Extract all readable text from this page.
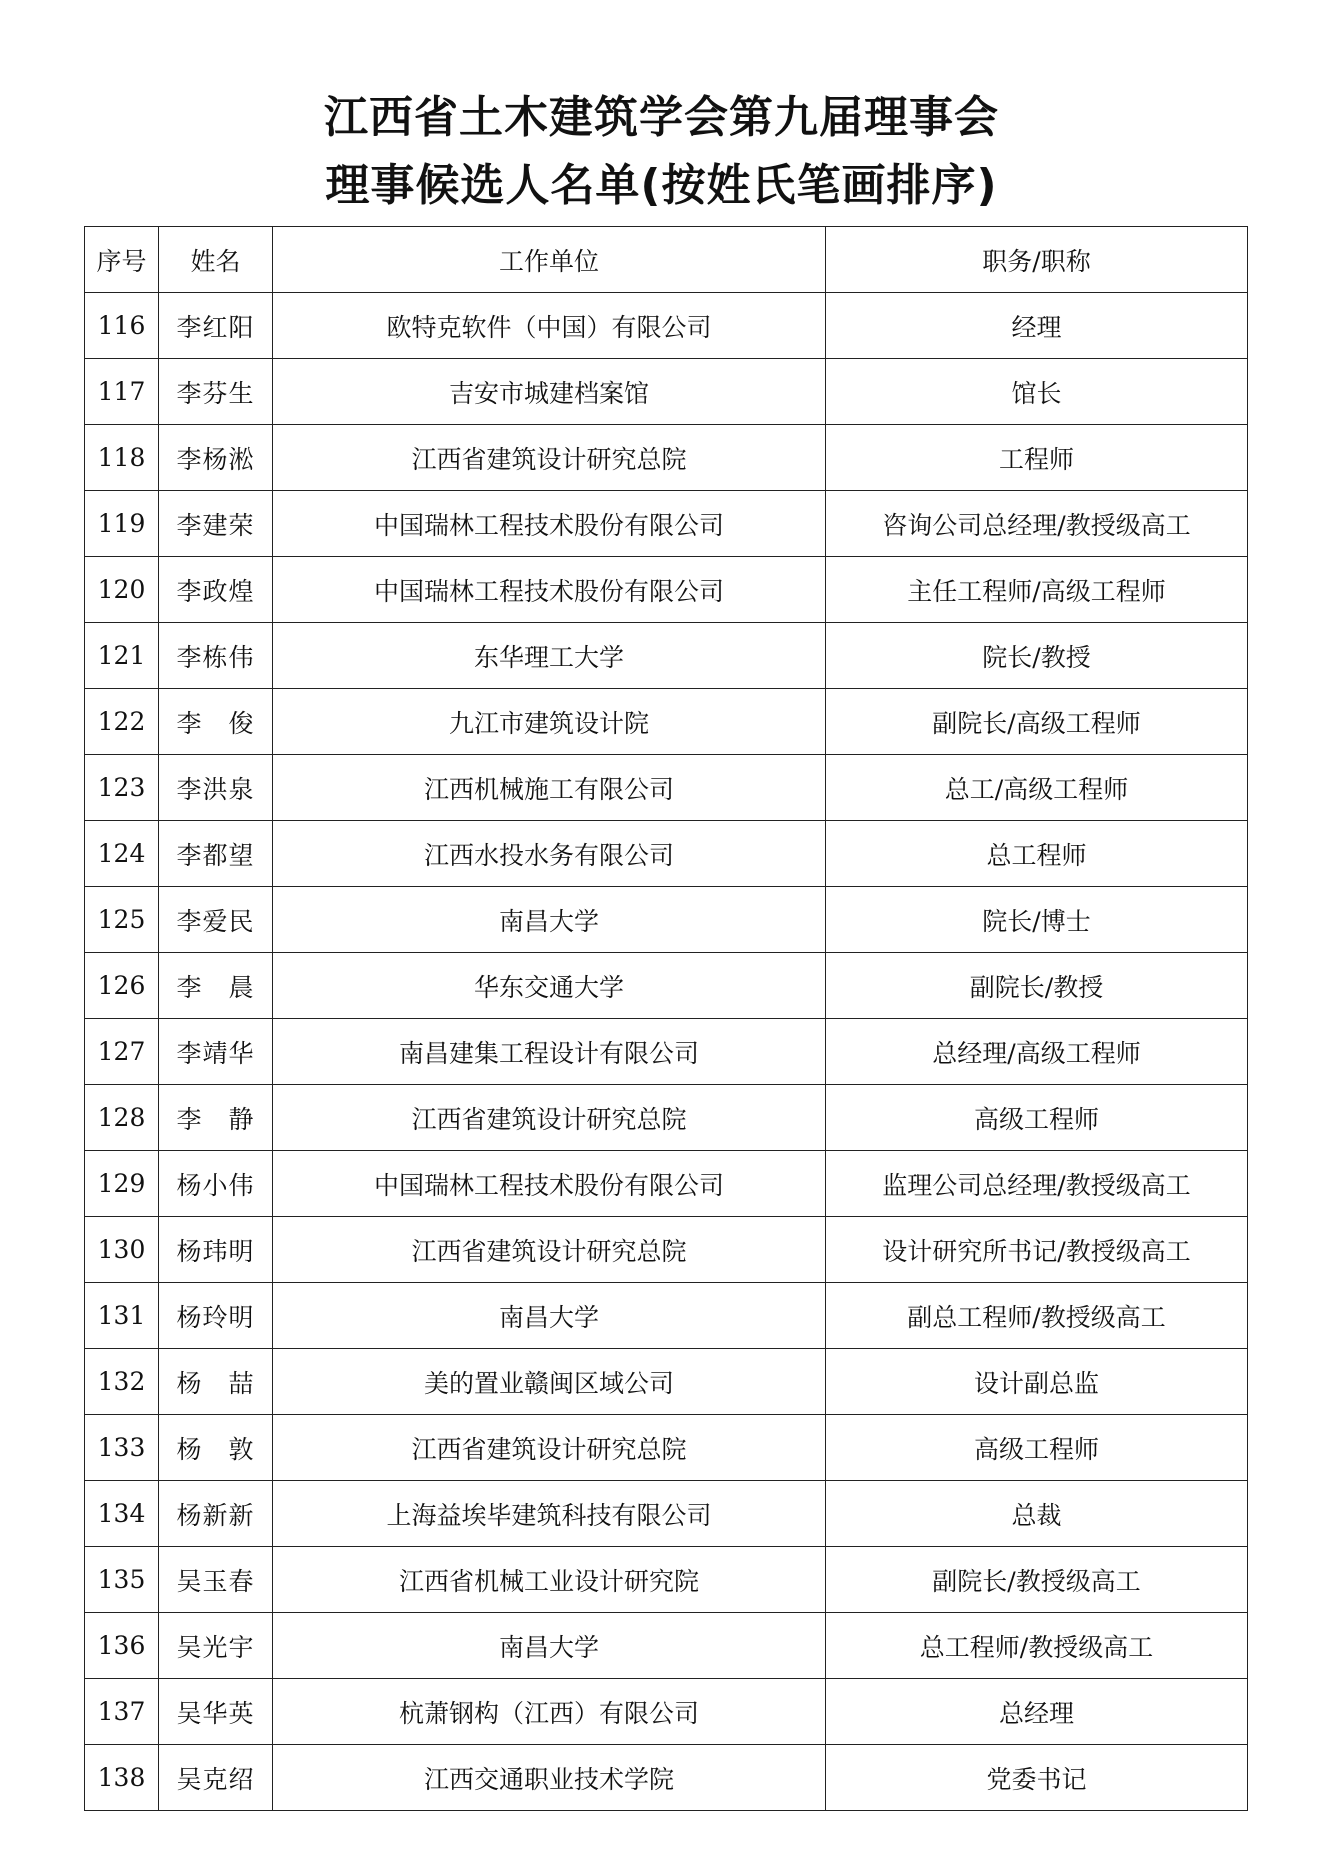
江西省土木建筑学会第九届理事会
理事候选人名单(按姓氏笔画排序)
序号	姓名	工作单位	职务/职称
116	李红阳	欧特克软件（中国）有限公司	经理
117	李芬生	吉安市城建档案馆	馆长
118	李杨淞	江西省建筑设计研究总院	工程师
119	李建荣	中国瑞林工程技术股份有限公司	咨询公司总经理/教授级高工
120	李政煌	中国瑞林工程技术股份有限公司	主任工程师/高级工程师
121	李栋伟	东华理工大学	院长/教授
122	李　俊	九江市建筑设计院	副院长/高级工程师
123	李洪泉	江西机械施工有限公司	总工/高级工程师
124	李都望	江西水投水务有限公司	总工程师
125	李爱民	南昌大学	院长/博士
126	李　晨	华东交通大学	副院长/教授
127	李靖华	南昌建集工程设计有限公司	总经理/高级工程师
128	李　静	江西省建筑设计研究总院	高级工程师
129	杨小伟	中国瑞林工程技术股份有限公司	监理公司总经理/教授级高工
130	杨玮明	江西省建筑设计研究总院	设计研究所书记/教授级高工
131	杨玲明	南昌大学	副总工程师/教授级高工
132	杨　喆	美的置业赣闽区域公司	设计副总监
133	杨　敦	江西省建筑设计研究总院	高级工程师
134	杨新新	上海益埃毕建筑科技有限公司	总裁
135	吴玉春	江西省机械工业设计研究院	副院长/教授级高工
136	吴光宇	南昌大学	总工程师/教授级高工
137	吴华英	杭萧钢构（江西）有限公司	总经理
138	吴克绍	江西交通职业技术学院	党委书记
